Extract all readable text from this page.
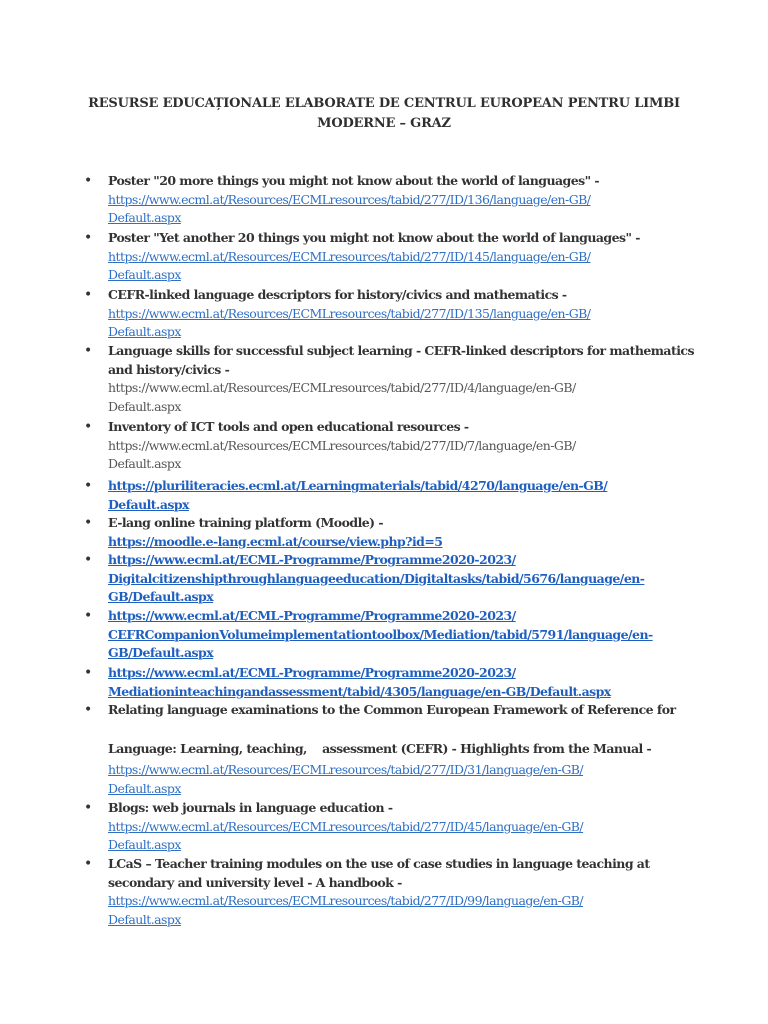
RESURSE EDUCAȚIONALE ELABORATE DE CENTRUL EUROPEAN PENTRU LIMBI
MODERNE – GRAZ
• Poster "20 more things you might not know about the world of languages" -

https://www.ecml.at/Resources/ECMLresources/tabid/277/ID/136/language/en-GB/

Default.aspx

• Poster "Yet another 20 things you might not know about the world of languages" -

https://www.ecml.at/Resources/ECMLresources/tabid/277/ID/145/language/en-GB/

Default.aspx

• CEFR-linked language descriptors for history/civics and mathematics -

https://www.ecml.at/Resources/ECMLresources/tabid/277/ID/135/language/en-GB/

Default.aspx

• Language skills for successful subject learning - CEFR-linked descriptors for mathematics

and history/civics -

https://www.ecml.at/Resources/ECMLresources/tabid/277/ID/4/language/en-GB/

Default.aspx

• Inventory of ICT tools and open educational resources -

https://www.ecml.at/Resources/ECMLresources/tabid/277/ID/7/language/en-GB/

Default.aspx

• https://pluriliteracies.ecml.at/Learningmaterials/tabid/4270/language/en-GB/

Default.aspx

• E-lang online training platform (Moodle) -

https://moodle.e-lang.ecml.at/course/view.php?id=5

• https://www.ecml.at/ECML-Programme/Programme2020-2023/

Digitalcitizenshipthroughlanguageeducation/Digitaltasks/tabid/5676/language/en-

GB/Default.aspx

• https://www.ecml.at/ECML-Programme/Programme2020-2023/

CEFRCompanionVolumeimplementationtoolbox/Mediation/tabid/5791/language/en-

GB/Default.aspx

• https://www.ecml.at/ECML-Programme/Programme2020-2023/

Mediationinteachingandassessment/tabid/4305/language/en-GB/Default.aspx

• Relating language examinations to the Common European Framework of Reference for

Language: Learning, teaching,    assessment (CEFR) - Highlights from the Manual -

https://www.ecml.at/Resources/ECMLresources/tabid/277/ID/31/language/en-GB/

Default.aspx

• Blogs: web journals in language education -

https://www.ecml.at/Resources/ECMLresources/tabid/277/ID/45/language/en-GB/

Default.aspx

• LCaS – Teacher training modules on the use of case studies in language teaching at

secondary and university level - A handbook -

https://www.ecml.at/Resources/ECMLresources/tabid/277/ID/99/language/en-GB/

Default.aspx
